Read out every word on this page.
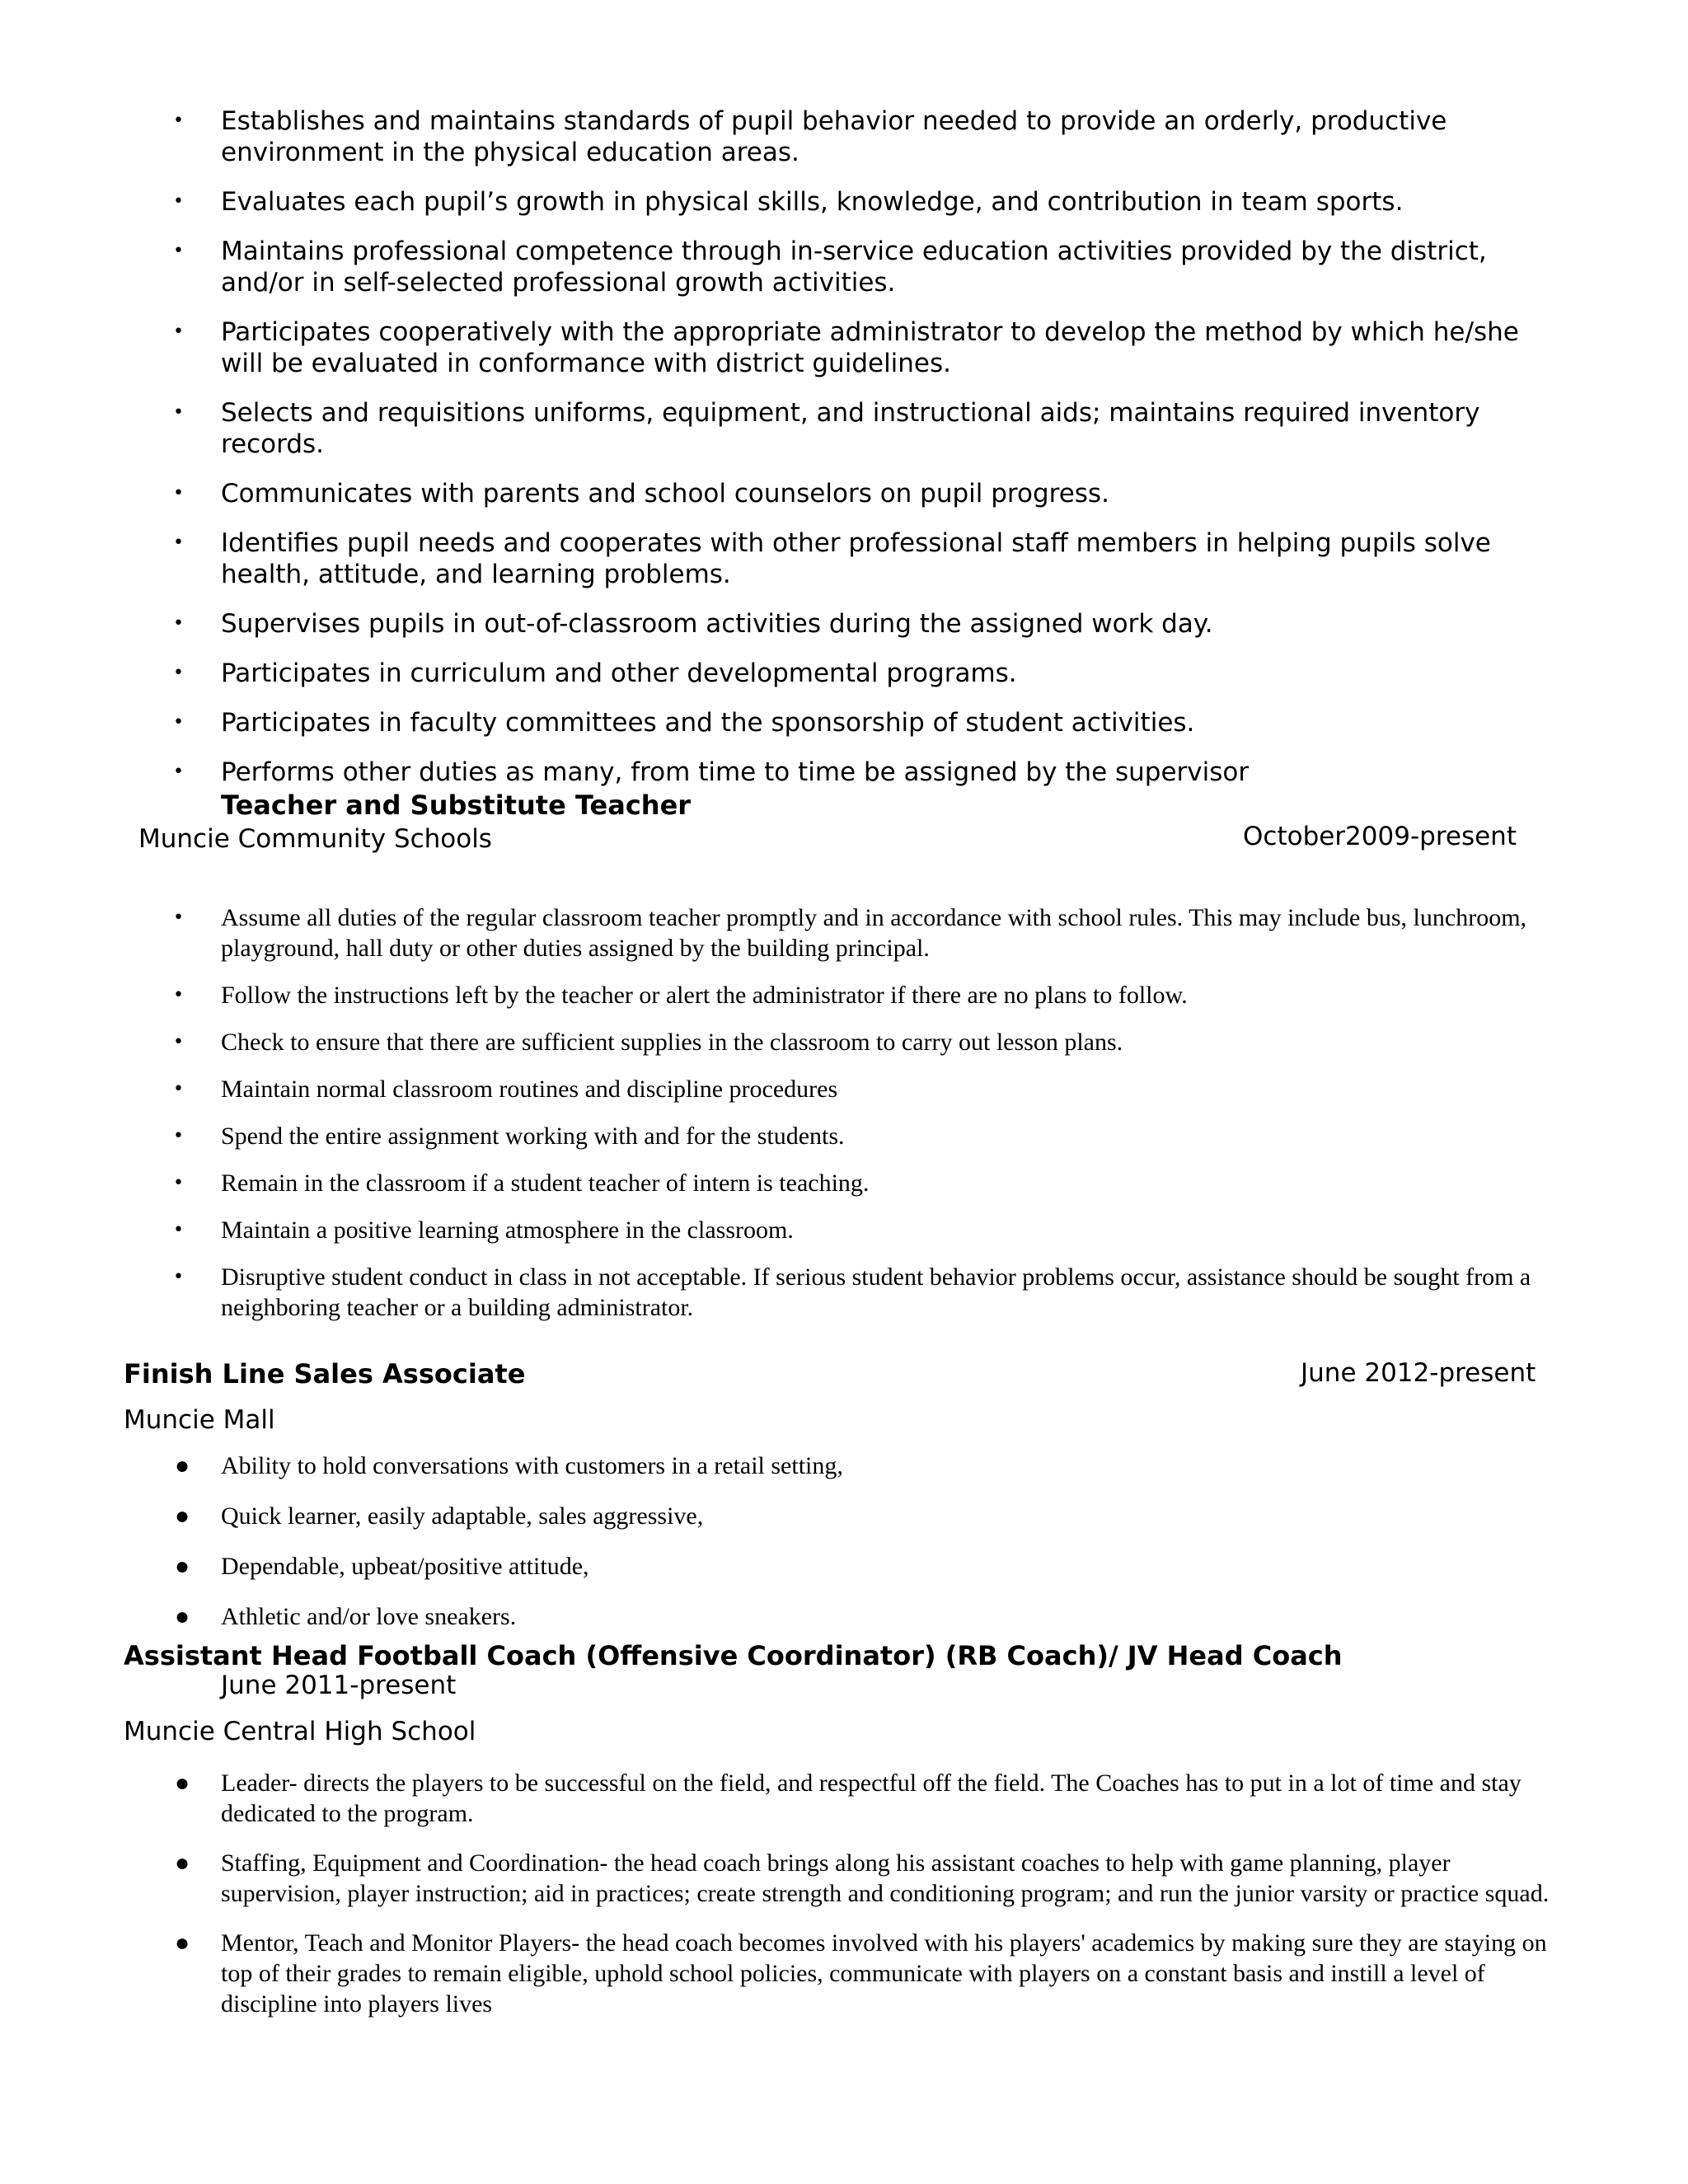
• Establishes and maintains standards of pupil behavior needed to provide an orderly, productive environment in the physical education areas.
• Evaluates each pupil’s growth in physical skills, knowledge, and contribution in team sports.
• Maintains professional competence through in-service education activities provided by the district, and/or in self-selected professional growth activities.
• Participates cooperatively with the appropriate administrator to develop the method by which he/she will be evaluated in conformance with district guidelines.
• Selects and requisitions uniforms, equipment, and instructional aids; maintains required inventory records.
• Communicates with parents and school counselors on pupil progress.
• Identifies pupil needs and cooperates with other professional staff members in helping pupils solve health, attitude, and learning problems.
• Supervises pupils in out-of-classroom activities during the assigned work day.
• Participates in curriculum and other developmental programs.
• Participates in faculty committees and the sponsorship of student activities.
• Performs other duties as many, from time to time be assigned by the supervisor
Teacher and Substitute Teacher
Muncie Community Schools	October2009-present
• Assume all duties of the regular classroom teacher promptly and in accordance with school rules. This may include bus, lunchroom, playground, hall duty or other duties assigned by the building principal.
• Follow the instructions left by the teacher or alert the administrator if there are no plans to follow.
• Check to ensure that there are sufficient supplies in the classroom to carry out lesson plans.
• Maintain normal classroom routines and discipline procedures
• Spend the entire assignment working with and for the students.
• Remain in the classroom if a student teacher of intern is teaching.
• Maintain a positive learning atmosphere in the classroom.
• Disruptive student conduct in class in not acceptable. If serious student behavior problems occur, assistance should be sought from a neighboring teacher or a building administrator.
Finish Line Sales Associate	June 2012-present
Muncie Mall
● Ability to hold conversations with customers in a retail setting,
● Quick learner, easily adaptable, sales aggressive,
● Dependable, upbeat/positive attitude,
● Athletic and/or love sneakers.
Assistant Head Football Coach (Offensive Coordinator) (RB Coach)/ JV Head Coach
June 2011-present
Muncie Central High School
● Leader- directs the players to be successful on the field, and respectful off the field. The Coaches has to put in a lot of time and stay dedicated to the program.
● Staffing, Equipment and Coordination- the head coach brings along his assistant coaches to help with game planning, player supervision, player instruction; aid in practices; create strength and conditioning program; and run the junior varsity or practice squad.
● Mentor, Teach and Monitor Players- the head coach becomes involved with his players' academics by making sure they are staying on top of their grades to remain eligible, uphold school policies, communicate with players on a constant basis and instill a level of discipline into players lives
